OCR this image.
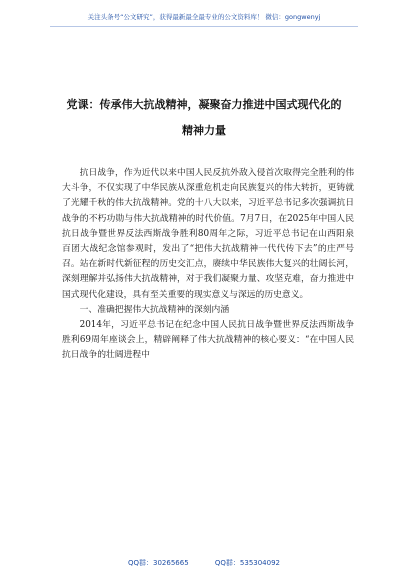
关注头条号“公文研究”，获得最新最全最专业的公文资料库！ 微信：gongwenyj
党课：传承伟大抗战精神，凝聚奋力推进中国式现代化的
精神力量

抗日战争，作为近代以来中国人民反抗外敌入侵首次取得完全胜利的伟大斗争，不仅实现了中华民族从深重危机走向民族复兴的伟大转折，更铸就了光耀千秋的伟大抗战精神。党的十八大以来，习近平总书记多次强调抗日战争的不朽功勋与伟大抗战精神的时代价值。7月7日，在2025年中国人民抗日战争暨世界反法西斯战争胜利80周年之际，习近平总书记在山西阳泉百团大战纪念馆参观时，发出了“把伟大抗战精神一代代传下去”的庄严号召。站在新时代新征程的历史交汇点，赓续中华民族伟大复兴的壮阔长河，深刻理解并弘扬伟大抗战精神，对于我们凝聚力量、攻坚克难，奋力推进中国式现代化建设，具有至关重要的现实意义与深远的历史意义。

一、准确把握伟大抗战精神的深刻内涵

2014年，习近平总书记在纪念中国人民抗日战争暨世界反法西斯战争胜利69周年座谈会上，精辟阐释了伟大抗战精神的核心要义：“在中国人民抗日战争的壮阔进程中

QQ群：30265665	QQ群：535304092
